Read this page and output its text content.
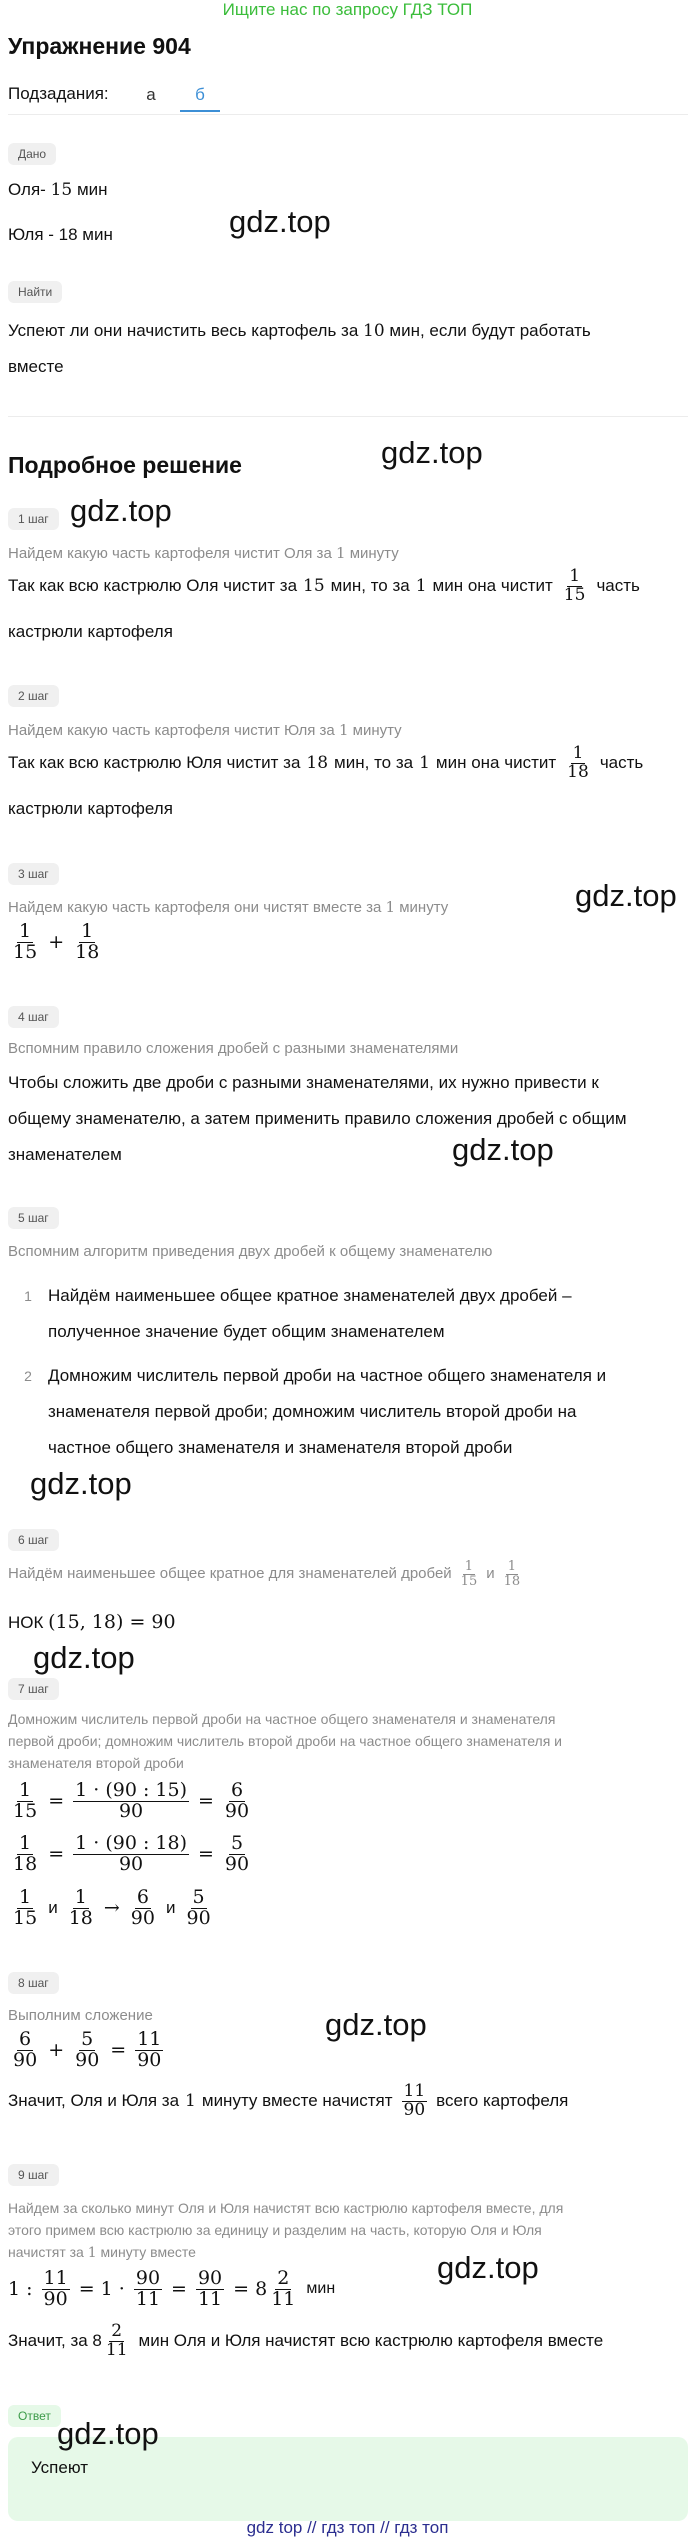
Ищите нас по запросу ГДЗ ТОП
Упражнение 904
Подзадания:	а	б
Дано
Оля- 15 мин
Юля - 18 мин	gdz.top
Найти
Успеют ли они начистить весь картофель за 10 мин, если будут работать
вместе
Подробное решение	gdz.top
1 шаг gdz.top
Найдем какую часть картофеля чистит Оля за 1 минуту
Так как всю кастрюлю Оля чистит за 15 мин, то за 1 мин она чистит $\frac{1}{15}$ часть
кастрюли картофеля
2 шаг
Найдем какую часть картофеля чистит Юля за 1 минуту
Так как всю кастрюлю Юля чистит за 18 мин, то за 1 мин она чистит $\frac{1}{18}$ часть
кастрюли картофеля
3 шаг
gdz.top
Найдем какую часть картофеля они чистят вместе за 1 минуту
$\frac{1}{15} + \frac{1}{18}$
4 шаг
Вспомним правило сложения дробей с разными знаменателями
Чтобы сложить две дроби с разными знаменателями, их нужно привести к
общему знаменателю, а затем применить правило сложения дробей с общим
знаменателем	gdz.top
5 шаг
Вспомним алгоритм приведения двух дробей к общему знаменателю
1 Найдём наименьшее общее кратное знаменателей двух дробей –
полученное значение будет общим знаменателем
2 Домножим числитель первой дроби на частное общего знаменателя и
знаменателя первой дроби; домножим числитель второй дроби на
частное общего знаменателя и знаменателя второй дроби
gdz.top
6 шаг
Найдём наименьшее общее кратное для знаменателей дробей $\frac{1}{15}$ и $\frac{1}{18}$
НОК (15, 18) = 90
gdz.top
7 шаг
Домножим числитель первой дроби на частное общего знаменателя и знаменателя
первой дроби; домножим числитель второй дроби на частное общего знаменателя и
знаменателя второй дроби
$\frac{1}{15} = \frac{1 \cdot (90 : 15)}{90} = \frac{6}{90}$
$\frac{1}{18} = \frac{1 \cdot (90 : 18)}{90} = \frac{5}{90}$
$\frac{1}{15}$ и $\frac{1}{18} \to \frac{6}{90}$ и $\frac{5}{90}$
8 шаг
Выполним сложение	gdz.top
$\frac{6}{90} + \frac{5}{90} = \frac{11}{90}$
Значит, Оля и Юля за 1 минуту вместе начистят $\frac{11}{90}$ всего картофеля
9 шаг
Найдем за сколько минут Оля и Юля начистят всю кастрюлю картофеля вместе, для
этого примем всю кастрюлю за единицу и разделим на часть, которую Оля и Юля
начистят за 1 минуту вместе	gdz.top
1 : $\frac{11}{90} = 1 \cdot \frac{90}{11} = \frac{90}{11} = 8 \frac{2}{11}$ мин
Значит, за $8 \frac{2}{11}$ мин Оля и Юля начистят всю кастрюлю картофеля вместе
Ответ gdz.top
Успеют
gdz top // гдз топ // гдз топ
